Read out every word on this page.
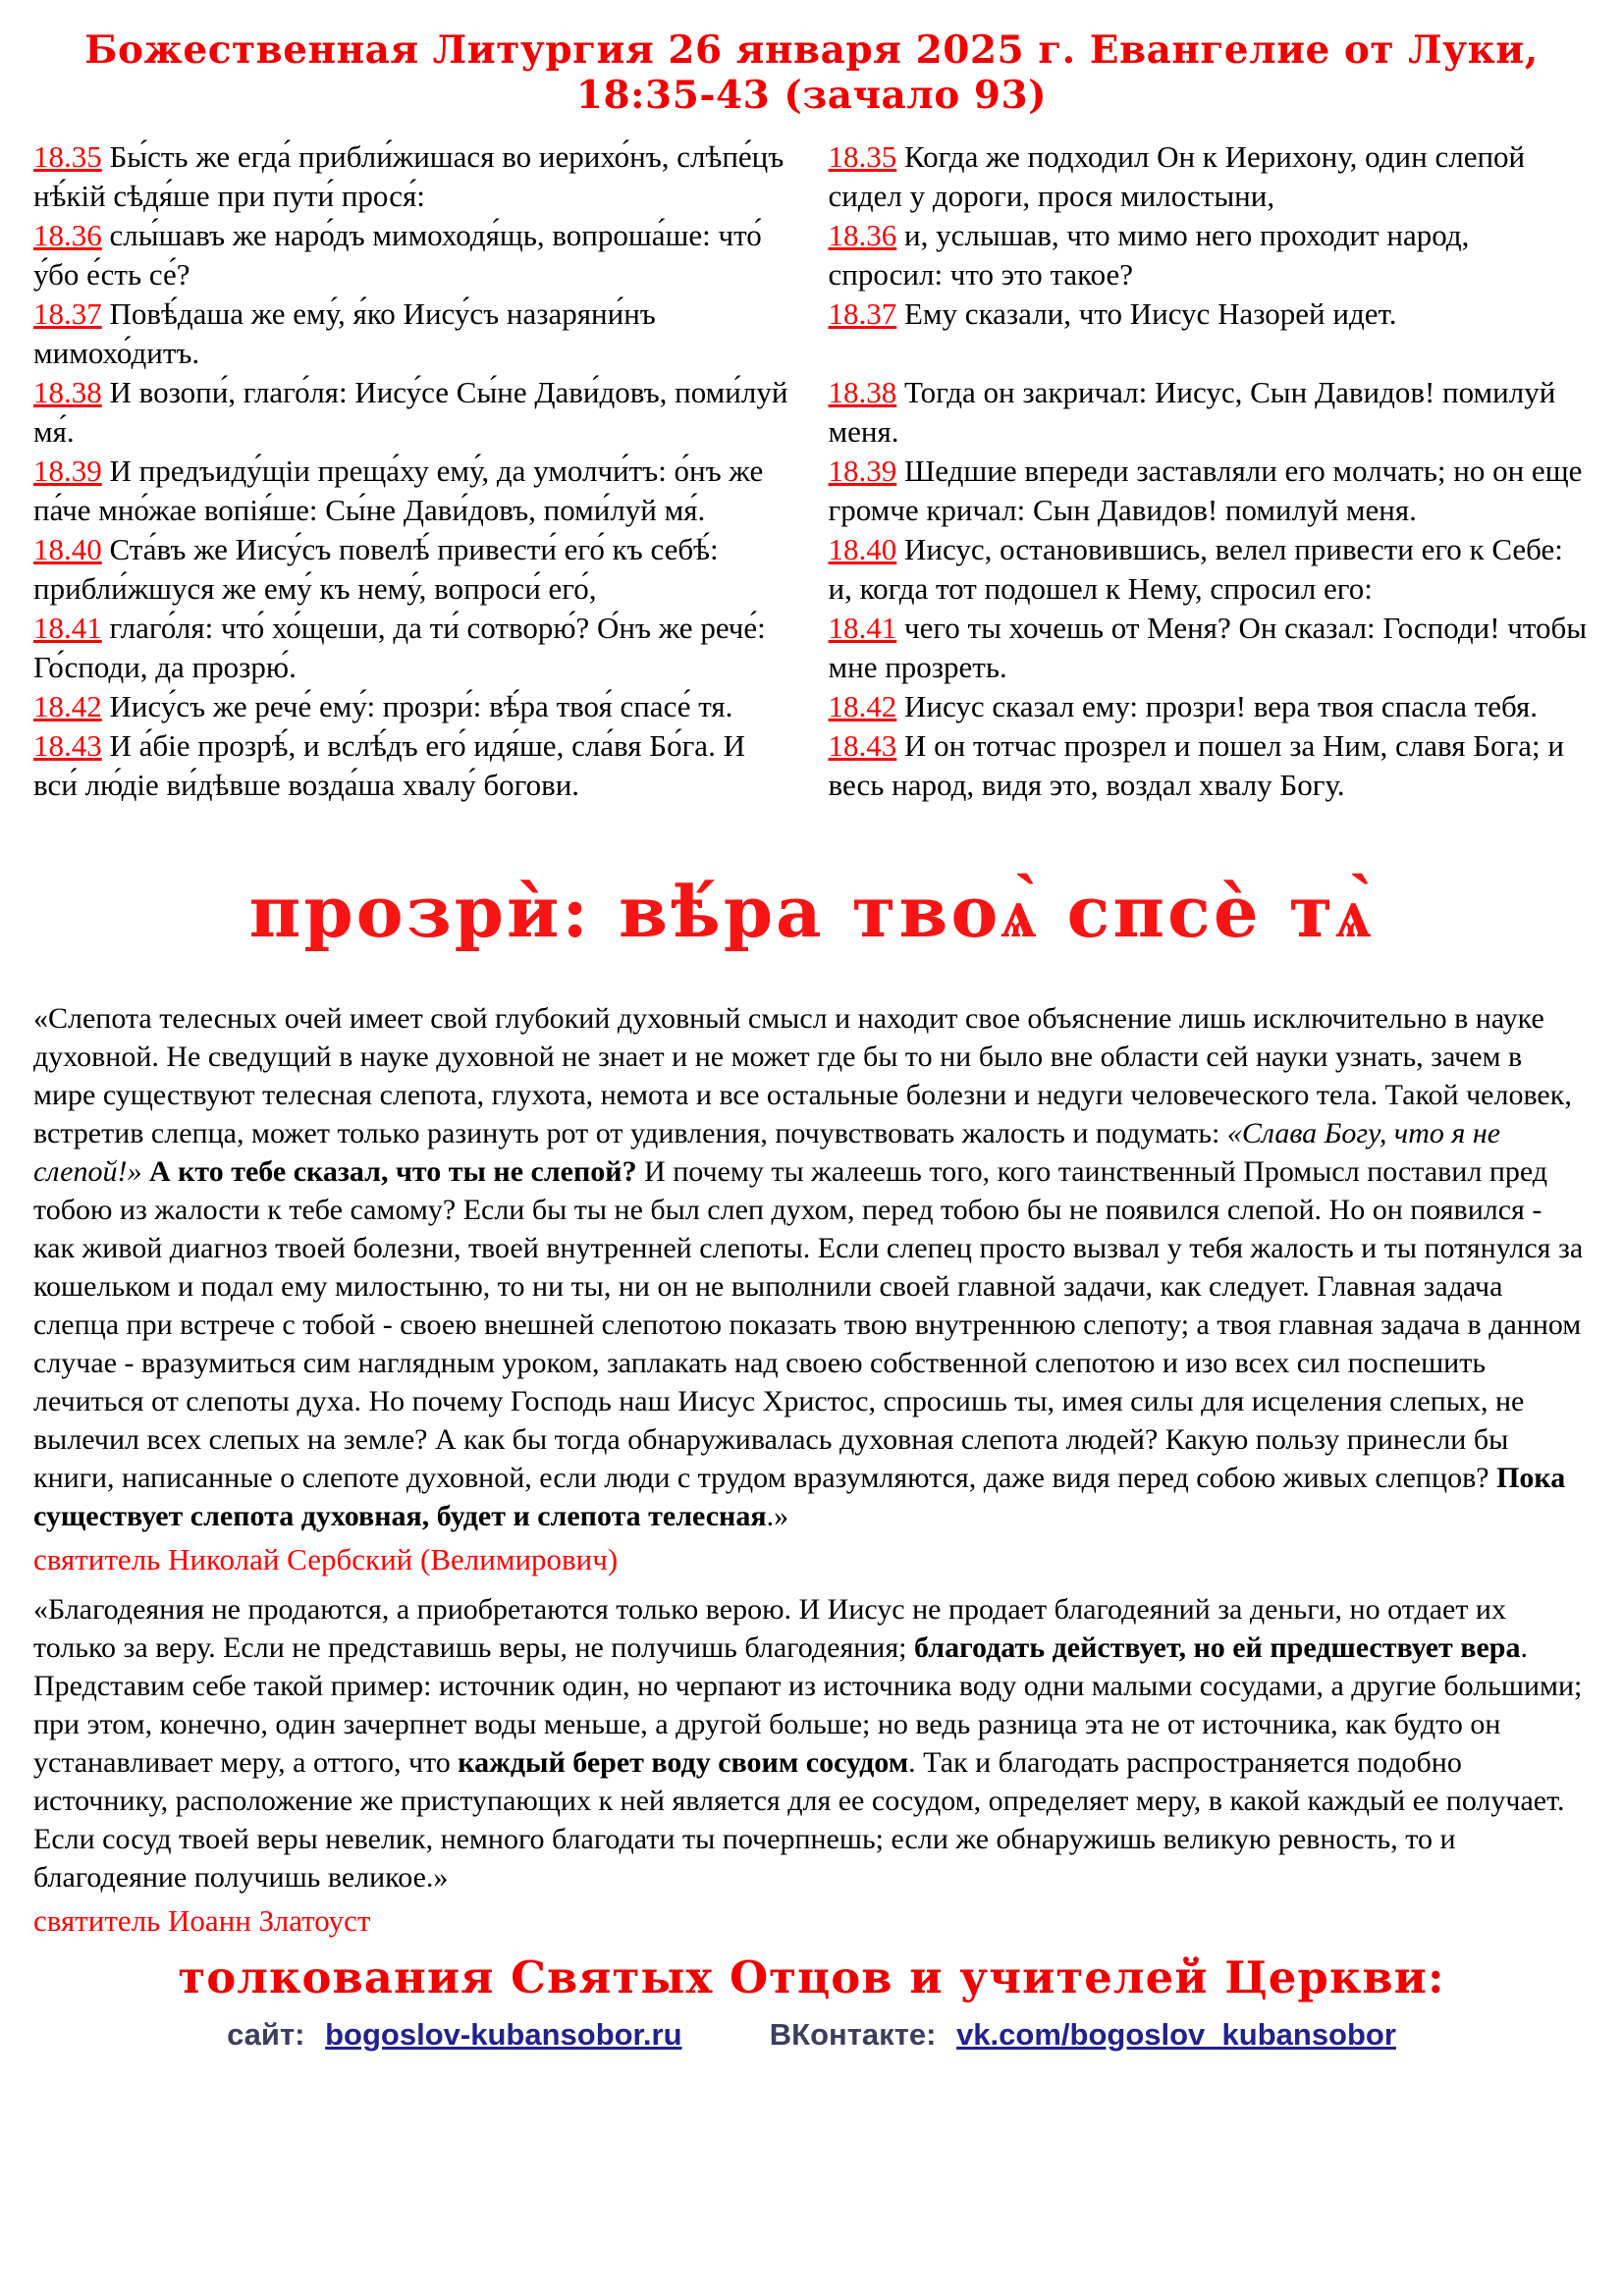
Божественная Литургия 26 января 2025 г. Евангелие от Луки, 18:35-43 (зачало 93)
18.35 Бы́сть же егда́ прибли́жишася во иерихо́нъ, слѣпе́цъ нѣ́кій сѣдя́ше при пути́ прося́:
18.35 Когда же подходил Он к Иерихону, один слепой сидел у дороги, прося милостыни,
18.36 слы́шавъ же наро́дъ мимоходя́щь, вопроша́ше: что́ у́бо е́сть се́?
18.36 и, услышав, что мимо него проходит народ, спросил: что это такое?
18.37 Повѣ́даша же ему́, я́ко Иису́съ назаряни́нъ мимохо́дитъ.
18.37 Ему сказали, что Иисус Назорей идет.
18.38 И возопи́, глаго́ля: Иису́се Сы́не Дави́довъ, поми́луй мя́.
18.38 Тогда он закричал: Иисус, Сын Давидов! помилуй меня.
18.39 И предъиду́щіи преща́ху ему́, да умолчи́тъ: о́нъ же па́че мно́жае вопія́ше: Сы́не Дави́довъ, поми́луй мя́.
18.39 Шедшие впереди заставляли его молчать; но он еще громче кричал: Сын Давидов! помилуй меня.
18.40 Ста́въ же Иису́съ повелѣ́ привести́ его́ къ себѣ́: прибли́жшуся же ему́ къ нему́, вопроси́ его́,
18.40 Иисус, остановившись, велел привести его к Себе: и, когда тот подошел к Нему, спросил его:
18.41 глаго́ля: что́ хо́щеши, да ти́ сотворю́? О́нъ же рече́: Го́споди, да прозрю́.
18.41 чего ты хочешь от Меня? Он сказал: Господи! чтобы мне прозреть.
18.42 Иису́съ же рече́ ему́: прозри́: вѣ́ра твоя́ спасе́ тя.	18.42 Иисус сказал ему: прозри! вера твоя спасла тебя.
18.43 И а́біе прозрѣ́, и вслѣ́дъ его́ идя́ше, сла́вя Бо́га. И вси́ лю́діе ви́дѣвше возда́ша хвалу́ богови.
18.43 И он тотчас прозрел и пошел за Ним, славя Бога; и весь народ, видя это, воздал хвалу Богу.
прозрѝ: вѣ́ра твоѧ̀ спсѐ тѧ̀

«Слепота телесных очей имеет свой глубокий духовный смысл и находит свое объяснение лишь исключительно в науке духовной. Не сведущий в науке духовной не знает и не может где бы то ни было вне области сей науки узнать, зачем в мире существуют телесная слепота, глухота, немота и все остальные болезни и недуги человеческого тела. Такой человек, встретив слепца, может только разинуть рот от удивления, почувствовать жалость и подумать: «Слава Богу, что я не слепой!» А кто тебе сказал, что ты не слепой? И почему ты жалеешь того, кого таинственный Промысл поставил пред тобою из жалости к тебе самому? Если бы ты не был слеп духом, перед тобою бы не появился слепой. Но он появился - как живой диагноз твоей болезни, твоей внутренней слепоты. Если слепец просто вызвал у тебя жалость и ты потянулся за кошельком и подал ему милостыню, то ни ты, ни он не выполнили своей главной задачи, как следует. Главная задача слепца при встрече с тобой - своею внешней слепотою показать твою внутреннюю слепоту; а твоя главная задача в данном случае - вразумиться сим наглядным уроком, заплакать над своею собственной слепотою и изо всех сил поспешить лечиться от слепоты духа. Но почему Господь наш Иисус Христос, спросишь ты, имея силы для исцеления слепых, не вылечил всех слепых на земле? А как бы тогда обнаруживалась духовная слепота людей? Какую пользу принесли бы книги, написанные о слепоте духовной, если люди с трудом вразумляются, даже видя перед собою живых слепцов? Пока существует слепота духовная, будет и слепота телесная.»

святитель Николай Сербский (Велимирович)

«Благодеяния не продаются, а приобретаются только верою. И Иисус не продает благодеяний за деньги, но отдает их только за веру. Если не представишь веры, не получишь благодеяния; благодать действует, но ей предшествует вера. Представим себе такой пример: источник один, но черпают из источника воду одни малыми сосудами, а другие большими; при этом, конечно, один зачерпнет воды меньше, а другой больше; но ведь разница эта не от источника, как будто он устанавливает меру, а оттого, что каждый берет воду своим сосудом. Так и благодать распространяется подобно источнику, расположение же приступающих к ней является для ее сосудом, определяет меру, в какой каждый ее получает. Если сосуд твоей веры невелик, немного благодати ты почерпнешь; если же обнаружишь великую ревность, то и благодеяние получишь великое.»

святитель Иоанн Златоуст
толкования Святых Отцов и учителей Церкви:
сайт: bogoslov-kubansobor.ru	ВКонтакте: vk.com/bogoslov_kubansobor
